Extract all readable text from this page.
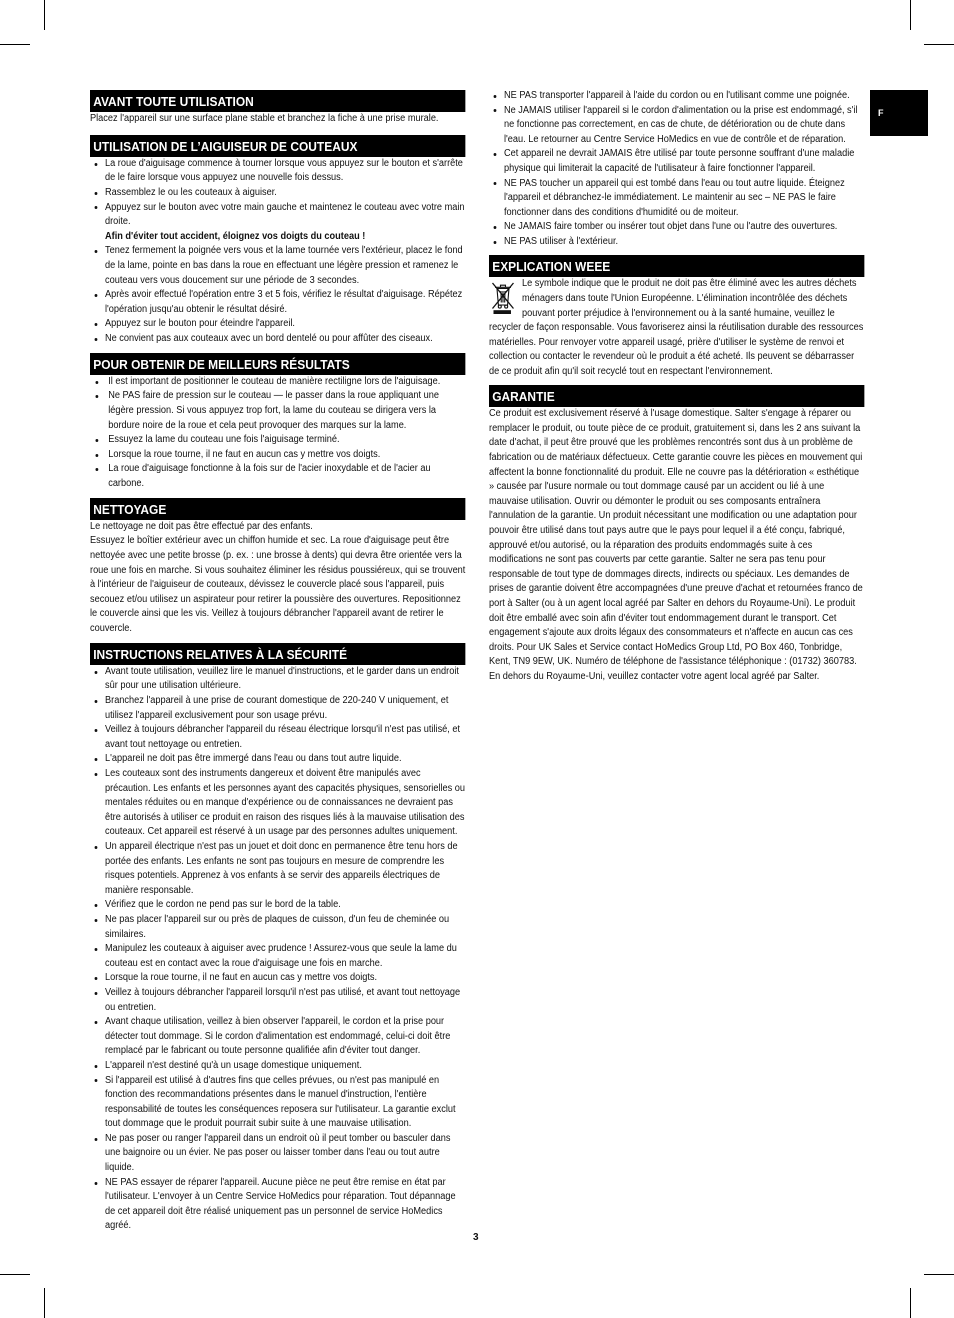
F
AVANT TOUTE UTILISATION

Placez l'appareil sur une surface plane stable et branchez la fiche à une prise murale.

UTILISATION DE L’AIGUISEUR DE COUTEAUX
La roue d'aiguisage commence à tourner lorsque vous appuyez sur le bouton et s'arrête de le faire lorsque vous appuyez une nouvelle fois dessus.
Rassemblez le ou les couteaux à aiguiser.
Appuyez sur le bouton avec votre main gauche et maintenez le couteau avec votre main droite.
Afin d'éviter tout accident, éloignez vos doigts du couteau !
Tenez fermement la poignée vers vous et la lame tournée vers l'extérieur, placez le fond de la lame, pointe en bas dans la roue en effectuant une légère pression et ramenez le couteau vers vous doucement sur une période de 3 secondes.
Après avoir effectué l'opération entre 3 et 5 fois, vérifiez le résultat d'aiguisage. Répétez l'opération jusqu'au obtenir le résultat désiré.
Appuyez sur le bouton pour éteindre l'appareil.
Ne convient pas aux couteaux avec un bord dentelé ou pour affûter des ciseaux.
POUR OBTENIR DE MEILLEURS RÉSULTATS
Il est important de positionner le couteau de manière rectiligne lors de l'aiguisage.
Ne PAS faire de pression sur le couteau — le passer dans la roue appliquant une légère pression. Si vous appuyez trop fort, la lame du couteau se dirigera vers la bordure noire de la roue et cela peut provoquer des marques sur la lame.
Essuyez la lame du couteau une fois l'aiguisage terminé.
Lorsque la roue tourne, il ne faut en aucun cas y mettre vos doigts.
La roue d'aiguisage fonctionne à la fois sur de l'acier inoxydable et de l'acier au carbone.
NETTOYAGE

Le nettoyage ne doit pas être effectué par des enfants.

Essuyez le boîtier extérieur avec un chiffon humide et sec. La roue d'aiguisage peut être nettoyée avec une petite brosse (p. ex. : une brosse à dents) qui devra être orientée vers la roue une fois en marche. Si vous souhaitez éliminer les résidus poussiéreux, qui se trouvent à l'intérieur de l'aiguiseur de couteaux, dévissez le couvercle placé sous l'appareil, puis secouez et/ou utilisez un aspirateur pour retirer la poussière des ouvertures. Repositionnez le couvercle ainsi que les vis. Veillez à toujours débrancher l'appareil avant de retirer le couvercle.

INSTRUCTIONS RELATIVES À LA SÉCURITÉ
Avant toute utilisation, veuillez lire le manuel d'instructions, et le garder dans un endroit sûr pour une utilisation ultérieure.
Branchez l'appareil à une prise de courant domestique de 220-240 V uniquement, et utilisez l'appareil exclusivement pour son usage prévu.
Veillez à toujours débrancher l'appareil du réseau électrique lorsqu'il n'est pas utilisé, et avant tout nettoyage ou entretien.
L'appareil ne doit pas être immergé dans l'eau ou dans tout autre liquide.
Les couteaux sont des instruments dangereux et doivent être manipulés avec précaution. Les enfants et les personnes ayant des capacités physiques, sensorielles ou mentales réduites ou en manque d'expérience ou de connaissances ne devraient pas être autorisés à utiliser ce produit en raison des risques liés à la mauvaise utilisation des couteaux. Cet appareil est réservé à un usage par des personnes adultes uniquement.
Un appareil électrique n'est pas un jouet et doit donc en permanence être tenu hors de portée des enfants. Les enfants ne sont pas toujours en mesure de comprendre les risques potentiels. Apprenez à vos enfants à se servir des appareils électriques de manière responsable.
Vérifiez que le cordon ne pend pas sur le bord de la table.
Ne pas placer l'appareil sur ou près de plaques de cuisson, d'un feu de cheminée ou similaires.
Manipulez les couteaux à aiguiser avec prudence ! Assurez-vous que seule la lame du couteau est en contact avec la roue d'aiguisage une fois en marche.
Lorsque la roue tourne, il ne faut en aucun cas y mettre vos doigts.
Veillez à toujours débrancher l'appareil lorsqu'il n'est pas utilisé, et avant tout nettoyage ou entretien.
Avant chaque utilisation, veillez à bien observer l'appareil, le cordon et la prise pour détecter tout dommage. Si le cordon d'alimentation est endommagé, celui-ci doit être remplacé par le fabricant ou toute personne qualifiée afin d'éviter tout danger.
L'appareil n'est destiné qu'à un usage domestique uniquement.
Si l'appareil est utilisé à d'autres fins que celles prévues, ou n'est pas manipulé en fonction des recommandations présentes dans le manuel d'instruction, l'entière responsabilité de toutes les conséquences reposera sur l'utilisateur. La garantie exclut tout dommage que le produit pourrait subir suite à une mauvaise utilisation.
Ne pas poser ou ranger l'appareil dans un endroit où il peut tomber ou basculer dans une baignoire ou un évier. Ne pas poser ou laisser tomber dans l'eau ou tout autre liquide.
NE PAS essayer de réparer l'appareil. Aucune pièce ne peut être remise en état par l'utilisateur. L'envoyer à un Centre Service HoMedics pour réparation. Tout dépannage de cet appareil doit être réalisé uniquement pas un personnel de service HoMedics agréé.
NE PAS transporter l'appareil à l'aide du cordon ou en l'utilisant comme une poignée.
Ne JAMAIS utiliser l'appareil si le cordon d'alimentation ou la prise est endommagé, s'il ne fonctionne pas correctement, en cas de chute, de détérioration ou de chute dans l'eau. Le retourner au Centre Service HoMedics en vue de contrôle et de réparation.
Cet appareil ne devrait JAMAIS être utilisé par toute personne souffrant d'une maladie physique qui limiterait la capacité de l'utilisateur à faire fonctionner l'appareil.
NE PAS toucher un appareil qui est tombé dans l'eau ou tout autre liquide. Éteignez l'appareil et débranchez-le immédiatement. Le maintenir au sec – NE PAS le faire fonctionner dans des conditions d'humidité ou de moiteur.
Ne JAMAIS faire tomber ou insérer tout objet dans l'une ou l'autre des ouvertures.
NE PAS utiliser à l'extérieur.
EXPLICATION WEEE

Le symbole indique que le produit ne doit pas être éliminé avec les autres déchets ménagers dans toute l'Union Européenne. L'élimination incontrôlée des déchets pouvant porter préjudice à l'environnement ou à la santé humaine, veuillez le recycler de façon responsable. Vous favoriserez ainsi la réutilisation durable des ressources matérielles. Pour renvoyer votre appareil usagé, prière d'utiliser le système de renvoi et collection ou contacter le revendeur où le produit a été acheté. Ils peuvent se débarrasser de ce produit afin qu'il soit recyclé tout en respectant l'environnement.

GARANTIE

Ce produit est exclusivement réservé à l'usage domestique. Salter s'engage à réparer ou remplacer le produit, ou toute pièce de ce produit, gratuitement si, dans les 2 ans suivant la date d'achat, il peut être prouvé que les problèmes rencontrés sont dus à un problème de fabrication ou de matériaux défectueux. Cette garantie couvre les pièces en mouvement qui affectent la bonne fonctionnalité du produit. Elle ne couvre pas la détérioration « esthétique » causée par l'usure normale ou tout dommage causé par un accident ou lié à une mauvaise utilisation. Ouvrir ou démonter le produit ou ses composants entraînera l'annulation de la garantie. Un produit nécessitant une modification ou une adaptation pour pouvoir être utilisé dans tout pays autre que le pays pour lequel il a été conçu, fabriqué, approuvé et/ou autorisé, ou la réparation des produits endommagés suite à ces modifications ne sont pas couverts par cette garantie. Salter ne sera pas tenu pour responsable de tout type de dommages directs, indirects ou spéciaux. Les demandes de prises de garantie doivent être accompagnées d'une preuve d'achat et retournées franco de port à Salter (ou à un agent local agréé par Salter en dehors du Royaume-Uni). Le produit doit être emballé avec soin afin d'éviter tout endommagement durant le transport. Cet engagement s'ajoute aux droits légaux des consommateurs et n'affecte en aucun cas ces droits. Pour UK Sales et Service contact HoMedics Group Ltd, PO Box 460, Tonbridge, Kent, TN9 9EW, UK. Numéro de téléphone de l'assistance téléphonique : (01732) 360783. En dehors du Royaume-Uni, veuillez contacter votre agent local agréé par Salter.

3
